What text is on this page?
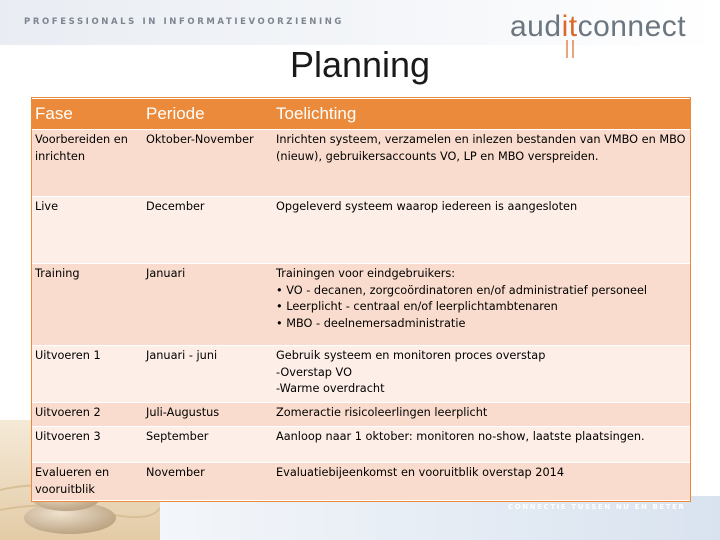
PROFESSIONALS IN INFORMATIEVOORZIENING	auditconnect
Planning
CONNECTIE TUSSEN NU EN BETER
Fase	Periode	Toelichting
Voorbereiden en inrichten	Oktober-November	Inrichten systeem, verzamelen en inlezen bestanden van VMBO en MBO (nieuw), gebruikersaccounts VO, LP en MBO verspreiden.

Live	December	Opgeleverd systeem waarop iedereen is aangesloten

Training	Januari	Trainingen voor eindgebruikers:
• VO - decanen, zorgcoördinatoren en/of administratief personeel
• Leerplicht - centraal en/of leerplichtambtenaren
• MBO - deelnemersadministratie

Uitvoeren 1	Januari - juni	Gebruik systeem en monitoren proces overstap
-Overstap VO
-Warme overdracht

Uitvoeren 2	Juli-Augustus	Zomeractie risicoleerlingen leerplicht

Uitvoeren 3	September	Aanloop naar 1 oktober: monitoren no-show, laatste plaatsingen.

Evalueren en vooruitblik	November	Evaluatiebijeenkomst en vooruitblik overstap 2014
